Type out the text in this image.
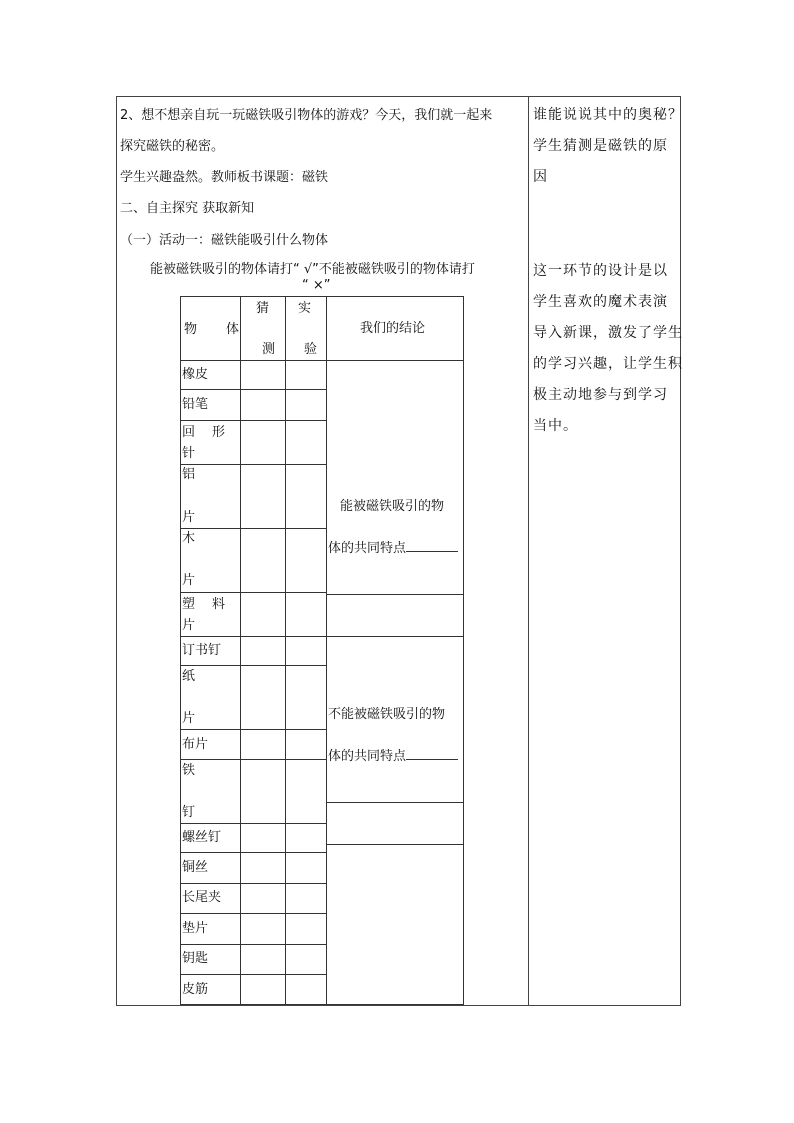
2、想不想亲自玩一玩磁铁吸引物体的游戏？今天，我们就一起来
探究磁铁的秘密。
学生兴趣盎然。教师板书课题：磁铁
二、自主探究 获取新知
（一）活动一：磁铁能吸引什么物体
能被磁铁吸引的物体请打“ √”不能被磁铁吸引的物体请打
“ ×”
谁能说说其中的奥秘？
学生猜测是磁铁的原
因
这一环节的设计是以
学生喜欢的魔术表演
导入新课，激发了学生
的学习兴趣，让学生积
极主动地参与到学习
当中。
物 体
猜
测
实
验
我们的结论
橡皮
铅笔
回 形
针
铝
片
木
片
塑 料
片
订书钉
纸
片
布片
铁
钉
螺丝钉
铜丝
长尾夹
垫片
钥匙
皮筋
能被磁铁吸引的物
体的共同特点
不能被磁铁吸引的物
体的共同特点
